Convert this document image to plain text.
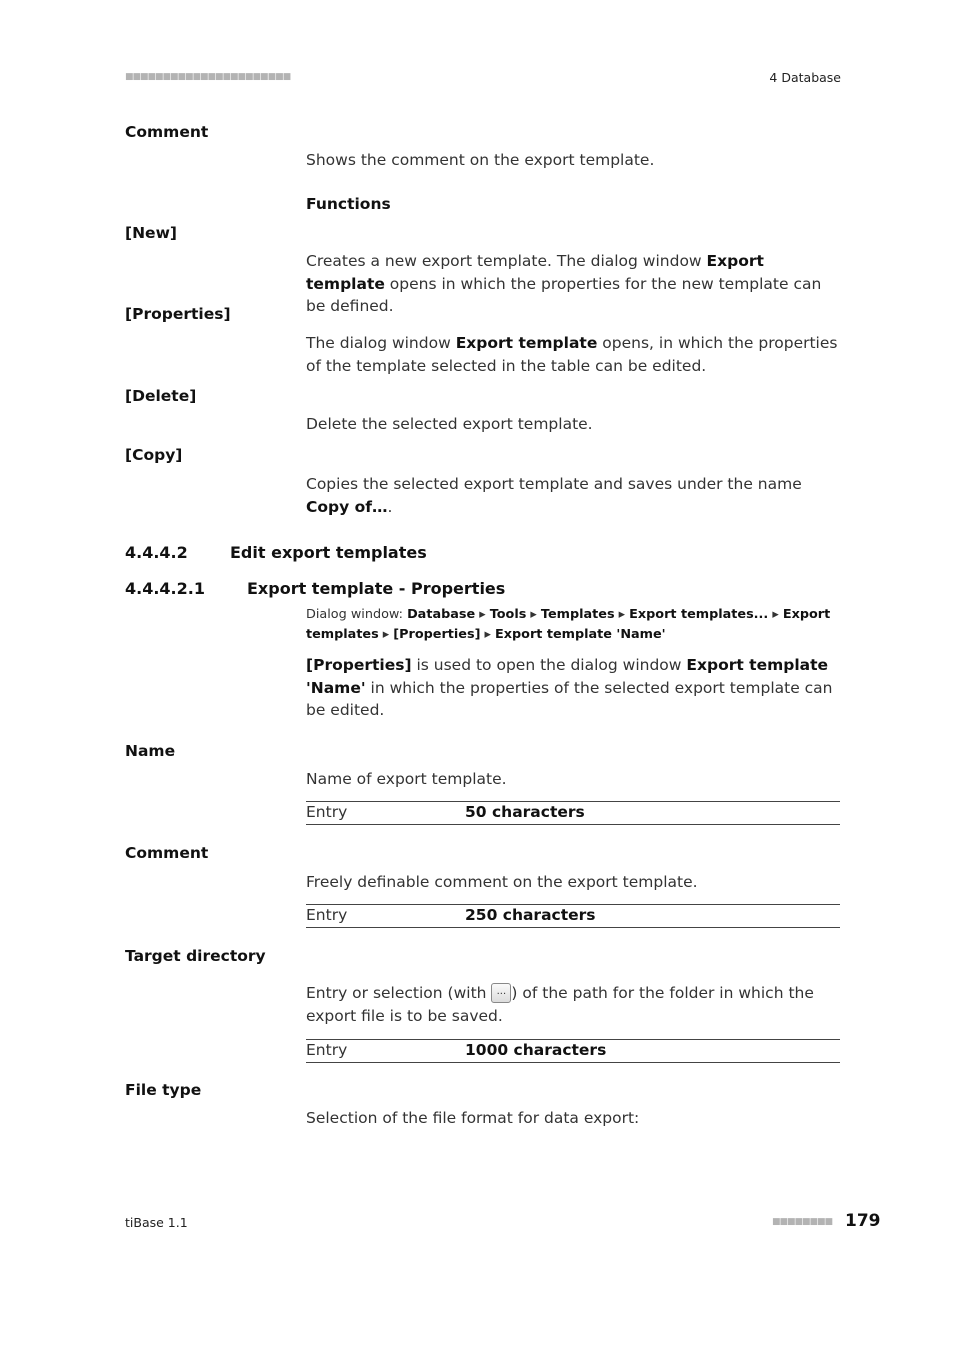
■■■■■■■■■■■■■■■■■■■■■■	4 Database
Comment
Shows the comment on the export template.
Functions
[New]
Creates a new export template. The dialog window Export template opens in which the properties for the new template can be defined.
[Properties]
The dialog window Export template opens, in which the properties of the template selected in the table can be edited.
[Delete]
Delete the selected export template.
[Copy]
Copies the selected export template and saves under the name Copy of….
4.4.4.2	Edit export templates
4.4.4.2.1	Export template - Properties
Dialog window: Database ▸ Tools ▸ Templates ▸ Export templates... ▸ Export templates ▸ [Properties] ▸ Export template 'Name'
[Properties] is used to open the dialog window Export template 'Name' in which the properties of the selected export template can be edited.
Name
Name of export template.
Entry	50 characters
Comment
Freely definable comment on the export template.
Entry	250 characters
Target directory
Entry or selection (with ... ) of the path for the folder in which the export file is to be saved.
Entry	1000 characters
File type
Selection of the file format for data export:
tiBase 1.1	■■■■■■■■ 179
